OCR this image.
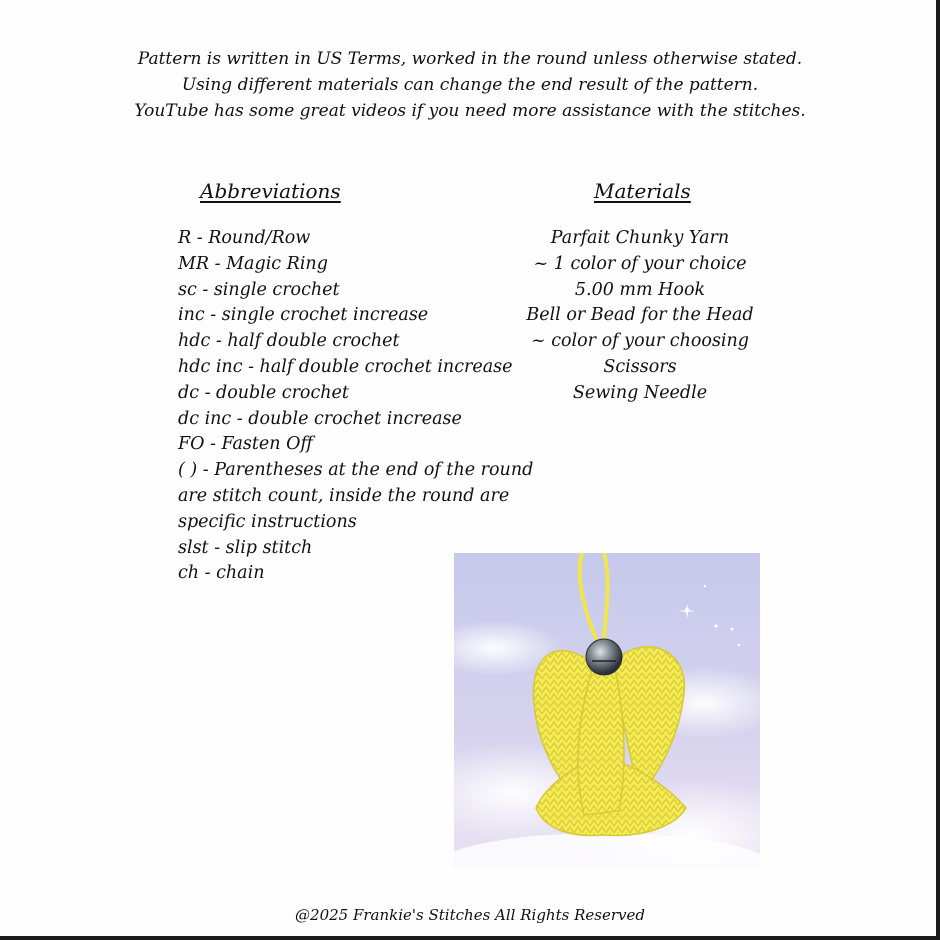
Pattern is written in US Terms, worked in the round unless otherwise stated.
Using different materials can change the end result of the pattern.
YouTube has some great videos if you need more assistance with the stitches.
Abbreviations	Materials
R - Round/Row
MR - Magic Ring
sc - single crochet
inc - single crochet increase
hdc - half double crochet
hdc inc - half double crochet increase
dc - double crochet
dc inc - double crochet increase
FO - Fasten Off
( ) - Parentheses at the end of the round
are stitch count, inside the round are
specific instructions
slst - slip stitch
ch - chain
Parfait Chunky Yarn
~ 1 color of your choice
5.00 mm Hook
Bell or Bead for the Head
~ color of your choosing
Scissors
Sewing Needle
@2025 Frankie's Stitches All Rights Reserved
